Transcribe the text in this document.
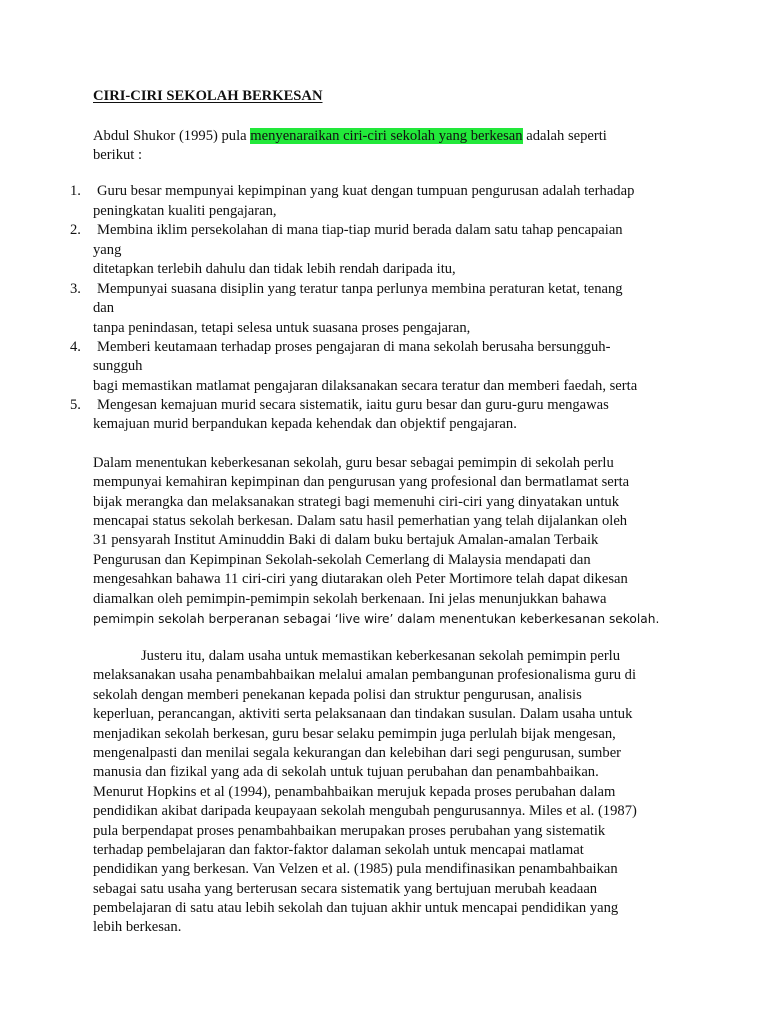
CIRI-CIRI SEKOLAH BERKESAN
Abdul Shukor (1995) pula menyenaraikan ciri-ciri sekolah yang berkesan adalah seperti
berikut :
1. Guru besar mempunyai kepimpinan yang kuat dengan tumpuan pengurusan adalah terhadap
peningkatan kualiti pengajaran,
2. Membina iklim persekolahan di mana tiap-tiap murid berada dalam satu tahap pencapaian
yang
ditetapkan terlebih dahulu dan tidak lebih rendah daripada itu,
3. Mempunyai suasana disiplin yang teratur tanpa perlunya membina peraturan ketat, tenang
dan
tanpa penindasan, tetapi selesa untuk suasana proses pengajaran,
4. Memberi keutamaan terhadap proses pengajaran di mana sekolah berusaha bersungguh-
sungguh
bagi memastikan matlamat pengajaran dilaksanakan secara teratur dan memberi faedah, serta
5. Mengesan kemajuan murid secara sistematik, iaitu guru besar dan guru-guru mengawas
kemajuan murid berpandukan kepada kehendak dan objektif pengajaran.
Dalam menentukan keberkesanan sekolah, guru besar sebagai pemimpin di sekolah perlu
mempunyai kemahiran kepimpinan dan pengurusan yang profesional dan bermatlamat serta
bijak merangka dan melaksanakan strategi bagi memenuhi ciri-ciri yang dinyatakan untuk
mencapai status sekolah berkesan. Dalam satu hasil pemerhatian yang telah dijalankan oleh
31 pensyarah Institut Aminuddin Baki di dalam buku bertajuk Amalan-amalan Terbaik
Pengurusan dan Kepimpinan Sekolah-sekolah Cemerlang di Malaysia mendapati dan
mengesahkan bahawa 11 ciri-ciri yang diutarakan oleh Peter Mortimore telah dapat dikesan
diamalkan oleh pemimpin-pemimpin sekolah berkenaan. Ini jelas menunjukkan bahawa
pemimpin sekolah berperanan sebagai ‘live wire’ dalam menentukan keberkesanan sekolah.
Justeru itu, dalam usaha untuk memastikan keberkesanan sekolah pemimpin perlu
melaksanakan usaha penambahbaikan melalui amalan pembangunan profesionalisma guru di
sekolah dengan memberi penekanan kepada polisi dan struktur pengurusan, analisis
keperluan, perancangan, aktiviti serta pelaksanaan dan tindakan susulan. Dalam usaha untuk
menjadikan sekolah berkesan, guru besar selaku pemimpin juga perlulah bijak mengesan,
mengenalpasti dan menilai segala kekurangan dan kelebihan dari segi pengurusan, sumber
manusia dan fizikal yang ada di sekolah untuk tujuan perubahan dan penambahbaikan.
Menurut Hopkins et al (1994), penambahbaikan merujuk kepada proses perubahan dalam
pendidikan akibat daripada keupayaan sekolah mengubah pengurusannya. Miles et al. (1987)
pula berpendapat proses penambahbaikan merupakan proses perubahan yang sistematik
terhadap pembelajaran dan faktor-faktor dalaman sekolah untuk mencapai matlamat
pendidikan yang berkesan. Van Velzen et al. (1985) pula mendifinasikan penambahbaikan
sebagai satu usaha yang berterusan secara sistematik yang bertujuan merubah keadaan
pembelajaran di satu atau lebih sekolah dan tujuan akhir untuk mencapai pendidikan yang
lebih berkesan.
